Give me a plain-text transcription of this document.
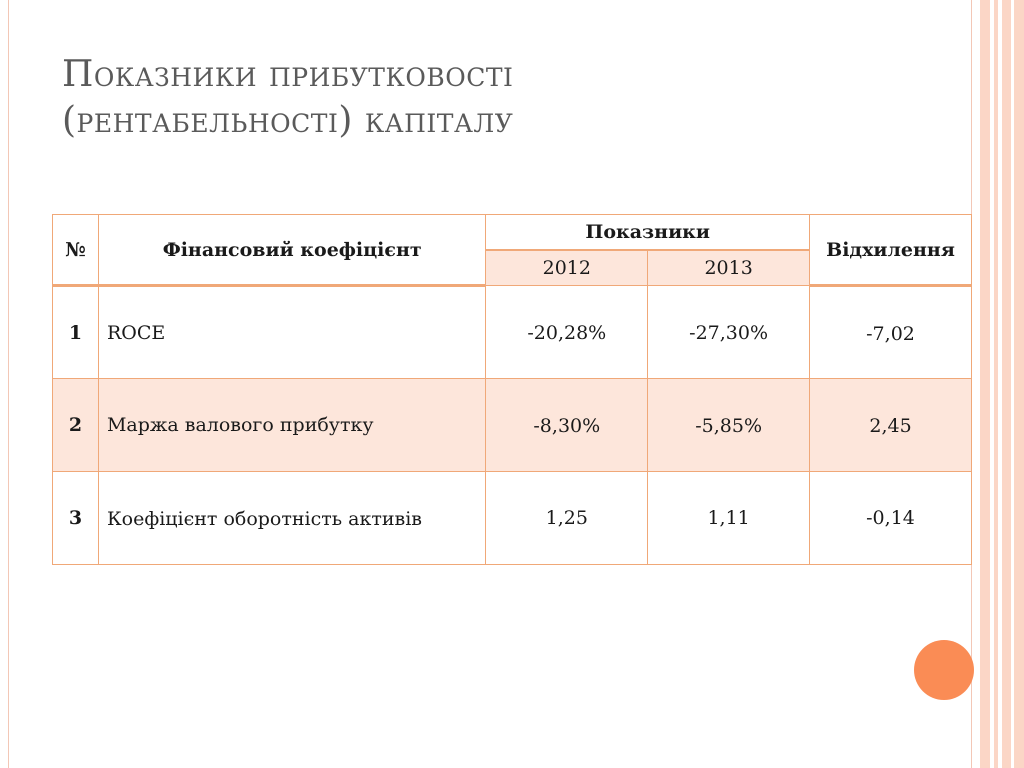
Показники прибутковості
(рентабельності) капіталу
№	Фінансовий коефіцієнт	Показники		Відхилення
		2012	2013	
1	ROCE	-20,28%	-27,30%	-7,02
2	Маржа валового прибутку	-8,30%	-5,85%	2,45
3	Коефіцієнт оборотність активів	1,25	1,11	-0,14
